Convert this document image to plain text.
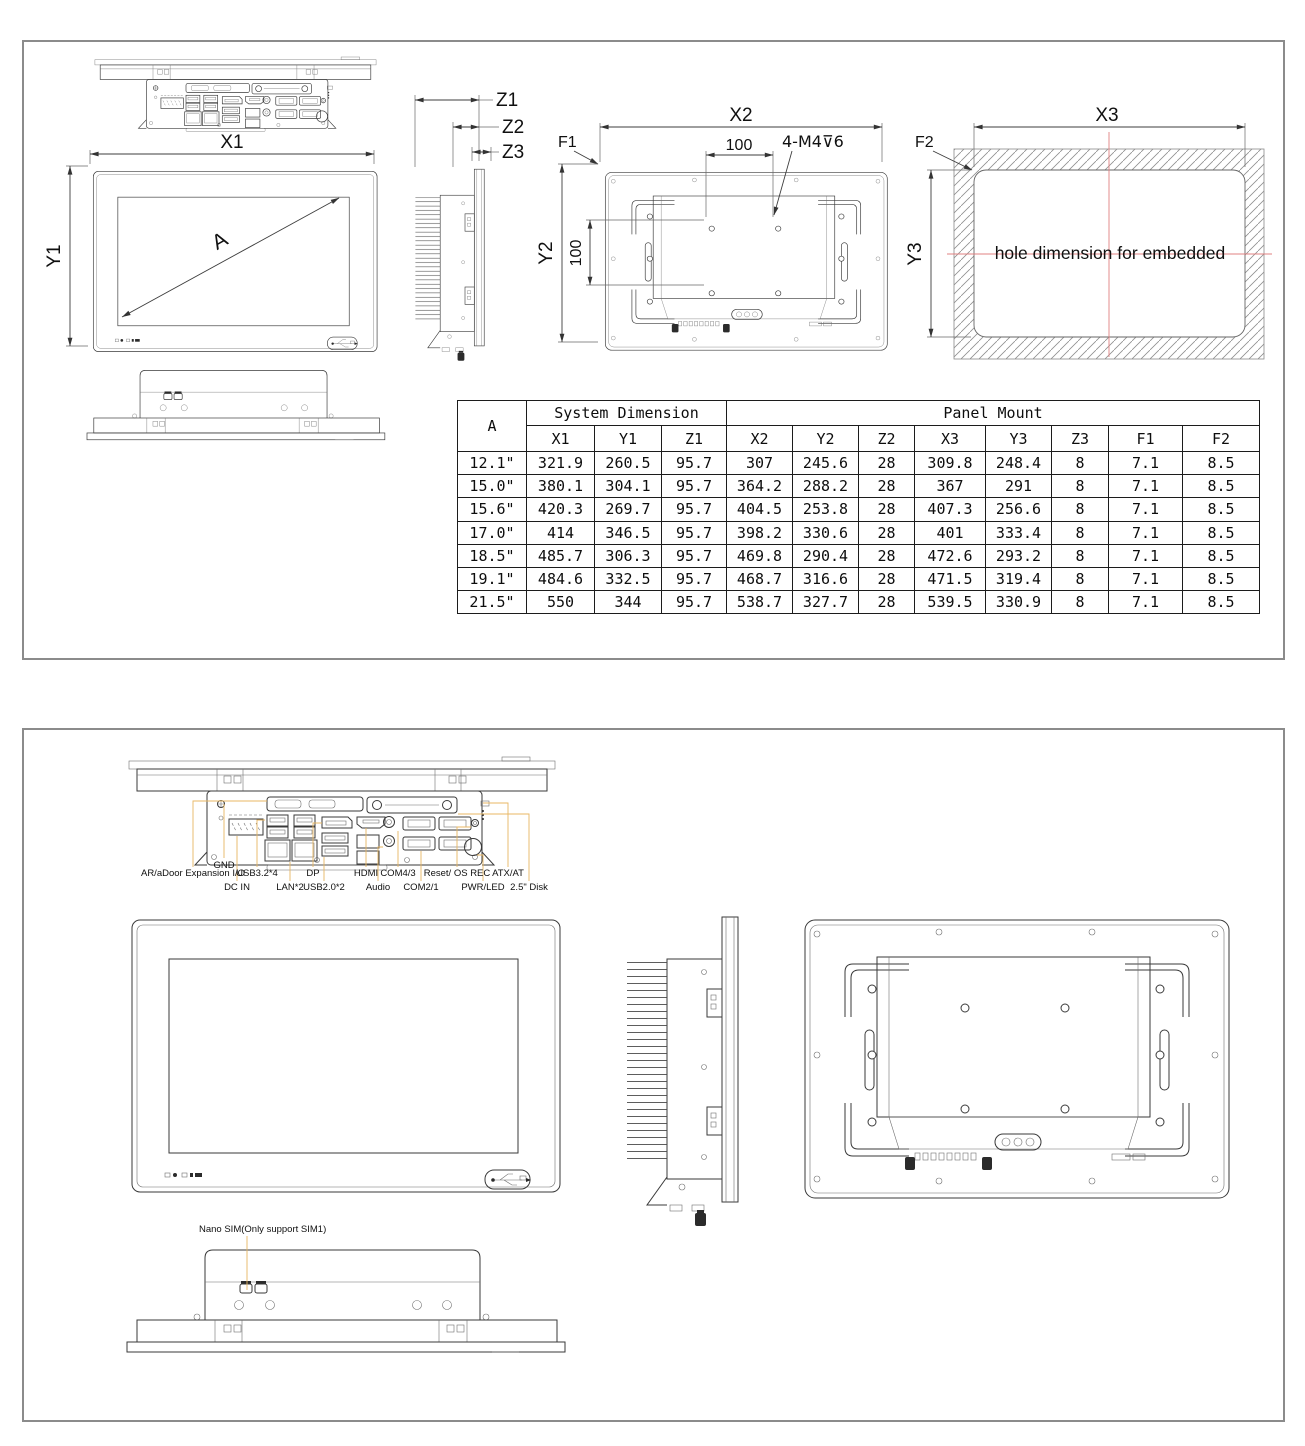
GND
AR/aDoor Expansion I/O
USB3.2*4	DP	HDMI COM4/3 Reset/ OS REC ATX/AT
DC IN	LAN*2 USB2.0*2 Audio COM2/1 PWR/LED 2.5" Disk
Nano SIM(Only support SIM1)
X1
Y1
A
Z1
Z2
Z3
X2
100 4-M4⊽6
F1
Y2 100
X3
Y3
F2
hole dimension for embedded
A	System Dimension			Panel Mount							
	X1	Y1	Z1	X2	Y2	Z2	X3	Y3	Z3	F1	F2
12.1"	321.9	260.5	95.7	307	245.6	28	309.8	248.4	8	7.1	8.5
15.0"	380.1	304.1	95.7	364.2	288.2	28	367	291	8	7.1	8.5
15.6"	420.3	269.7	95.7	404.5	253.8	28	407.3	256.6	8	7.1	8.5
17.0"	414	346.5	95.7	398.2	330.6	28	401	333.4	8	7.1	8.5
18.5"	485.7	306.3	95.7	469.8	290.4	28	472.6	293.2	8	7.1	8.5
19.1"	484.6	332.5	95.7	468.7	316.6	28	471.5	319.4	8	7.1	8.5
21.5"	550	344	95.7	538.7	327.7	28	539.5	330.9	8	7.1	8.5
